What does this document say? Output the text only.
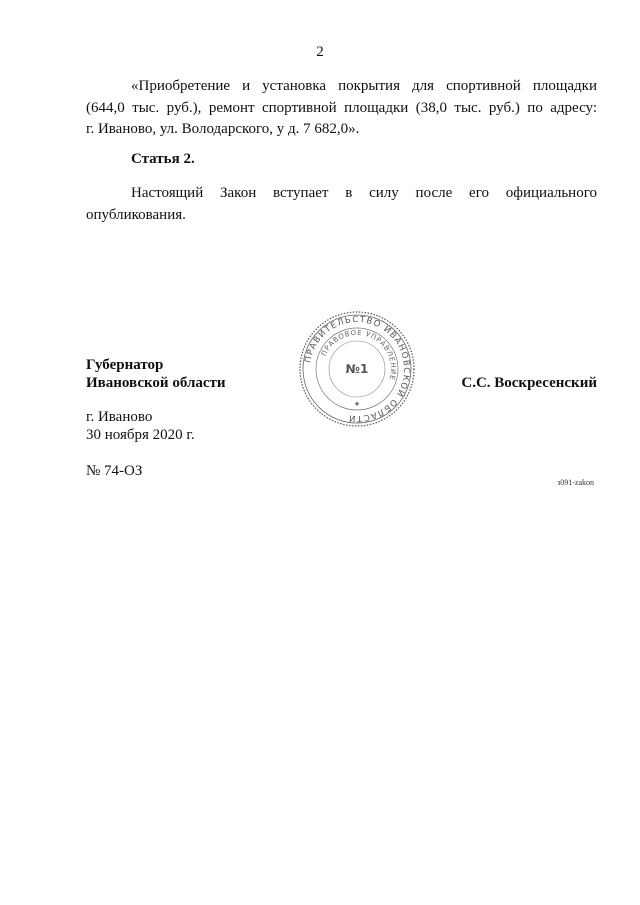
2
«Приобретение и установка покрытия для спортивной площадки
(644,0 тыс. руб.), ремонт спортивной площадки (38,0 тыс. руб.) по адресу:
г. Иваново, ул. Володарского, у д. 7 682,0».
Статья 2.
Настоящий Закон вступает в силу после его официального
опубликования.
Губернатор
Ивановской области	С.С. Воскресенский
ПРАВИТЕЛЬСТВО ИВАНОВСКОЙ ОБЛАСТИ
ПРАВОВОЕ УПРАВЛЕНИЕ
№1
★
г. Иваново
30 ноября 2020 г.
№ 74-ОЗ
з091-zakon
